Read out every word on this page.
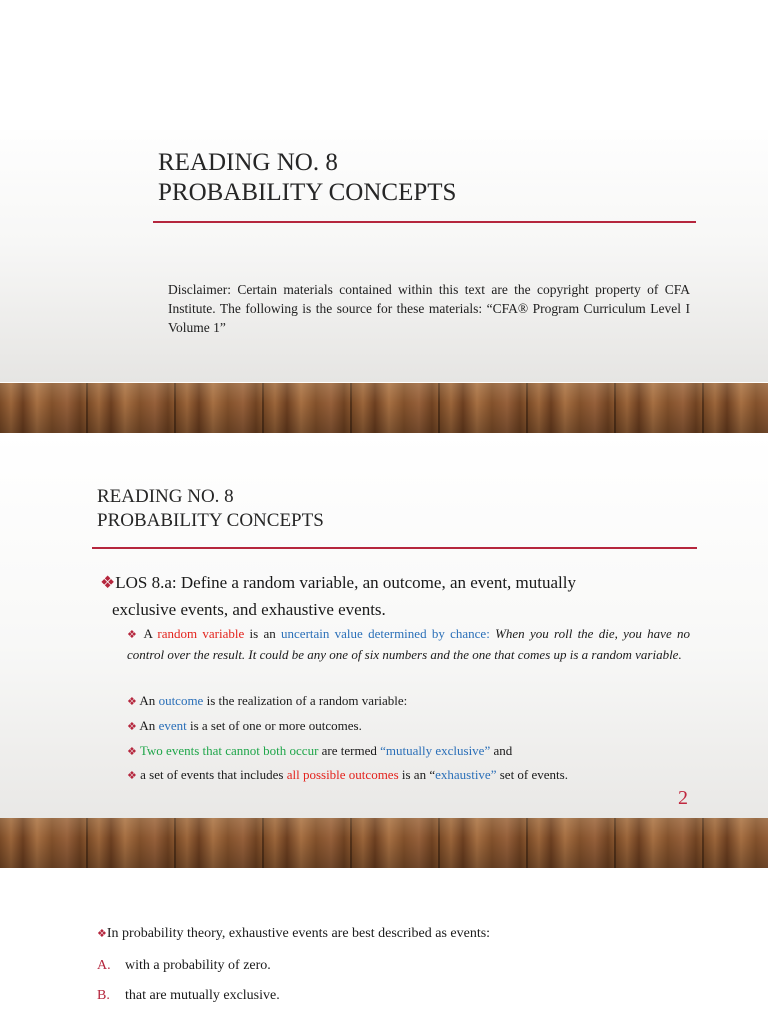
READING NO. 8
PROBABILITY CONCEPTS

Disclaimer: Certain materials contained within this text are the copyright property of CFA Institute. The following is the source for these materials: “CFA® Program Curriculum Level I Volume 1”

READING NO. 8
PROBABILITY CONCEPTS

❖LOS 8.a: Define a random variable, an outcome, an event, mutually
exclusive events, and exhaustive events.

❖ A random variable is an uncertain value determined by chance: When you roll the die, you have no control over the result. It could be any one of six numbers and the one that comes up is a random variable.

❖ An outcome is the realization of a random variable:

❖ An event is a set of one or more outcomes.

❖ Two events that cannot both occur are termed “mutually exclusive” and

❖ a set of events that includes all possible outcomes is an “exhaustive” set of events.

2

❖In probability theory, exhaustive events are best described as events:

A. with a probability of zero.

B. that are mutually exclusive.
